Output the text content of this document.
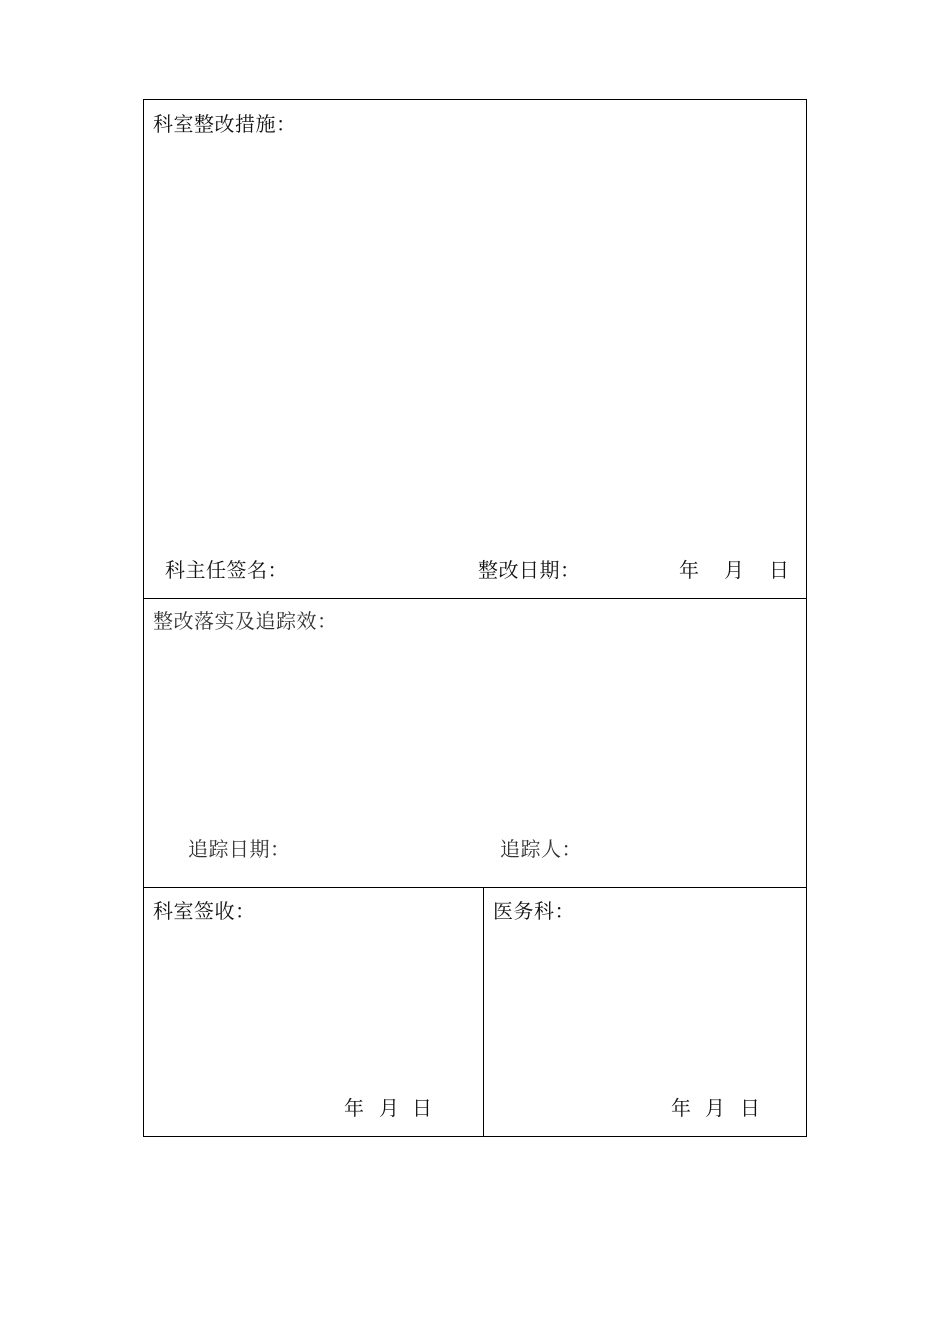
科室整改措施：
科主任签名：	整改日期：	年 月 日
整改落实及追踪效：
追踪日期：	追踪人：
科室签收：
年 月 日
医务科：
年 月 日
